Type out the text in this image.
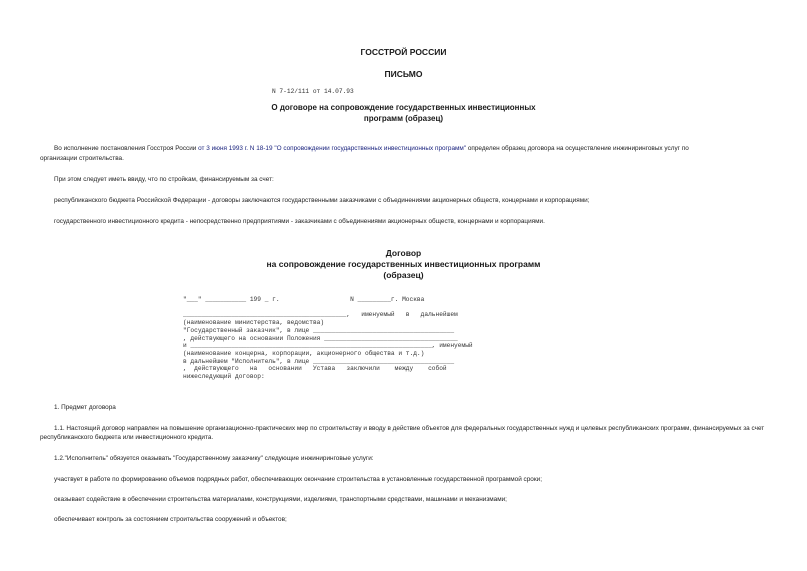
ГОССТРОЙ РОССИИ
ПИСЬМО
N 7-12/111 от 14.07.93
О договоре на сопровождение государственных инвестиционных
программ (образец)
Во исполнение постановления Госстроя России от 3 июня 1993 г. N 18-19 "О сопровождении государственных инвестиционных программ" определен образец договора на осуществление инжиниринговых услуг по
организации строительства.
При этом следует иметь ввиду, что по стройкам, финансируемым за счет:
республиканского бюджета Российской Федерации - договоры заключаются государственными заказчиками с объединениями акционерных обществ, концернами и корпорациями;
государственного инвестиционного кредита - непосредственно предприятиями - заказчиками с объединениями акционерных обществ, концернами и корпорациями.
Договор
на сопровождение государственных инвестиционных программ
(образец)
"___" ___________ 199 _ г.                   N _________г. Москва
____________________________________________,   именуемый   в   дальнейшем
(наименование министерства, ведомства)
"Государственный заказчик", в лице ______________________________________
, действующего на основании Положения ____________________________________
и _________________________________________________________________, именуемый
(наименование концерна, корпорации, акционерного общества и т.д.)
в дальнейшем "Исполнитель", в лице ______________________________________
,  действующего   на   основании   Устава   заключили    между    собой
нижеследующий договор:
1. Предмет договора
1.1. Настоящий договор направлен на повышение организационно-практических мер по строительству и вводу в действие объектов для федеральных государственных нужд и целевых республиканских программ, финансируемых за счет республиканского бюджета или инвестиционного кредита.
1.2."Исполнитель" обязуется оказывать "Государственному заказчику" следующие инжиниринговые услуги:
участвует в работе по формированию объемов подрядных работ, обеспечивающих окончание строительства в установленные государственной программой сроки;
оказывает содействие в обеспечении строительства материалами, конструкциями, изделиями, транспортными средствами, машинами и механизмами;
обеспечивает контроль за состоянием строительства сооружений и объектов;
